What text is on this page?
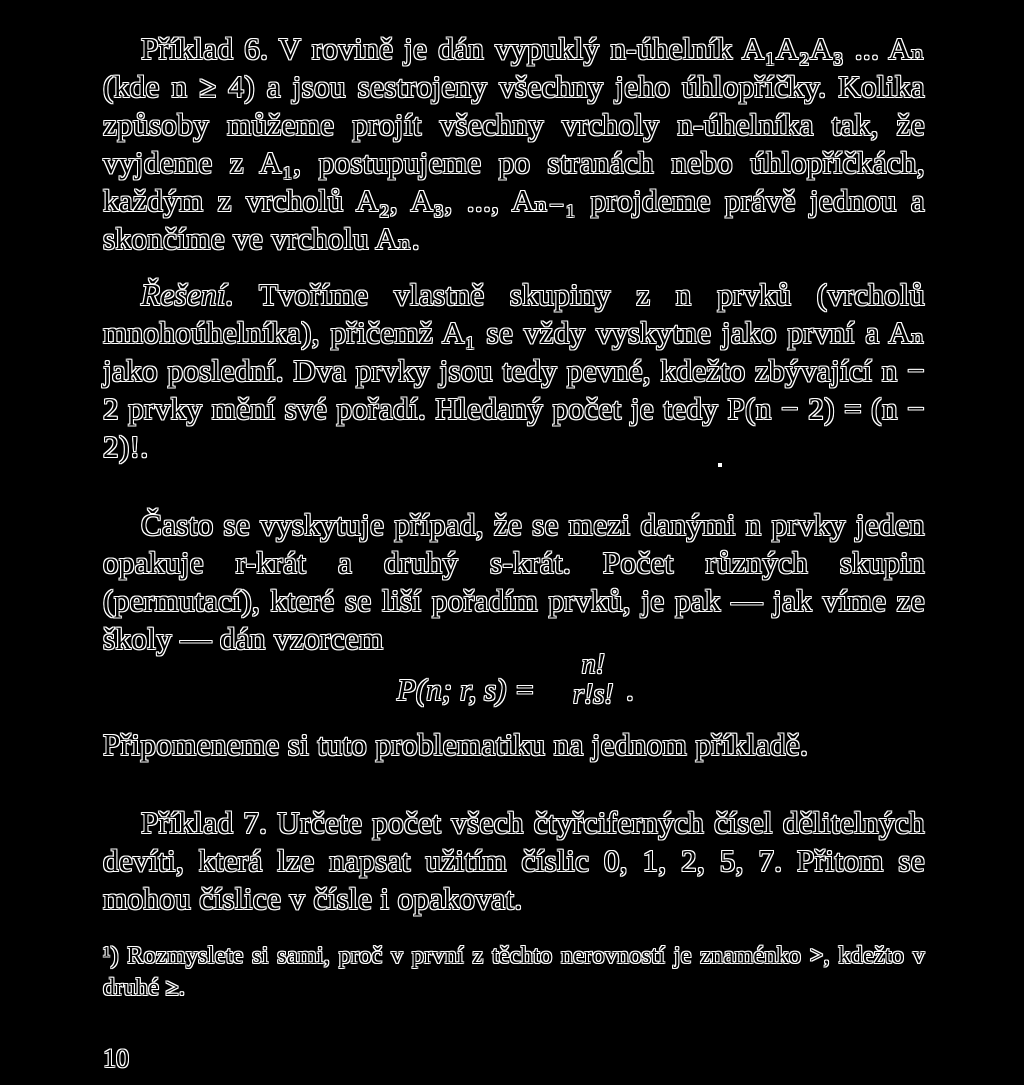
Příklad 6. V rovině je dán vypuklý n-úhelník A₁A₂A₃ ... Aₙ (kde n ≥ 4) a jsou sestrojeny všechny jeho úhlopříčky. Kolika způsoby můžeme projít všechny vrcholy n-úhelníka tak, že vyjdeme z A₁, postupujeme po stranách nebo úhlopříčkách, každým z vrcholů A₂, A₃, ..., Aₙ₋₁ projdeme právě jednou a skončíme ve vrcholu Aₙ.

Řešení. Tvoříme vlastně skupiny z n prvků (vrcholů mnohoúhelníka), přičemž A₁ se vždy vyskytne jako první a Aₙ jako poslední. Dva prvky jsou tedy pevné, kdežto zbývající n − 2 prvky mění své pořadí. Hledaný počet je tedy P(n − 2) = (n − 2)!.

Často se vyskytuje případ, že se mezi danými n prvky jeden opakuje r-krát a druhý s-krát. Počet různých skupin (permutací), které se liší pořadím prvků, je pak — jak víme ze školy — dán vzorcem

P(n; r, s) =
n!
r!s! .

Připomeneme si tuto problematiku na jednom příkladě.

Příklad 7. Určete počet všech čtyřciferných čísel dělitelných devíti, která lze napsat užitím číslic 0, 1, 2, 5, 7. Přitom se mohou číslice v čísle i opakovat.

¹) Rozmyslete si sami, proč v první z těchto nerovností je znaménko >, kdežto v druhé ≥.

10
